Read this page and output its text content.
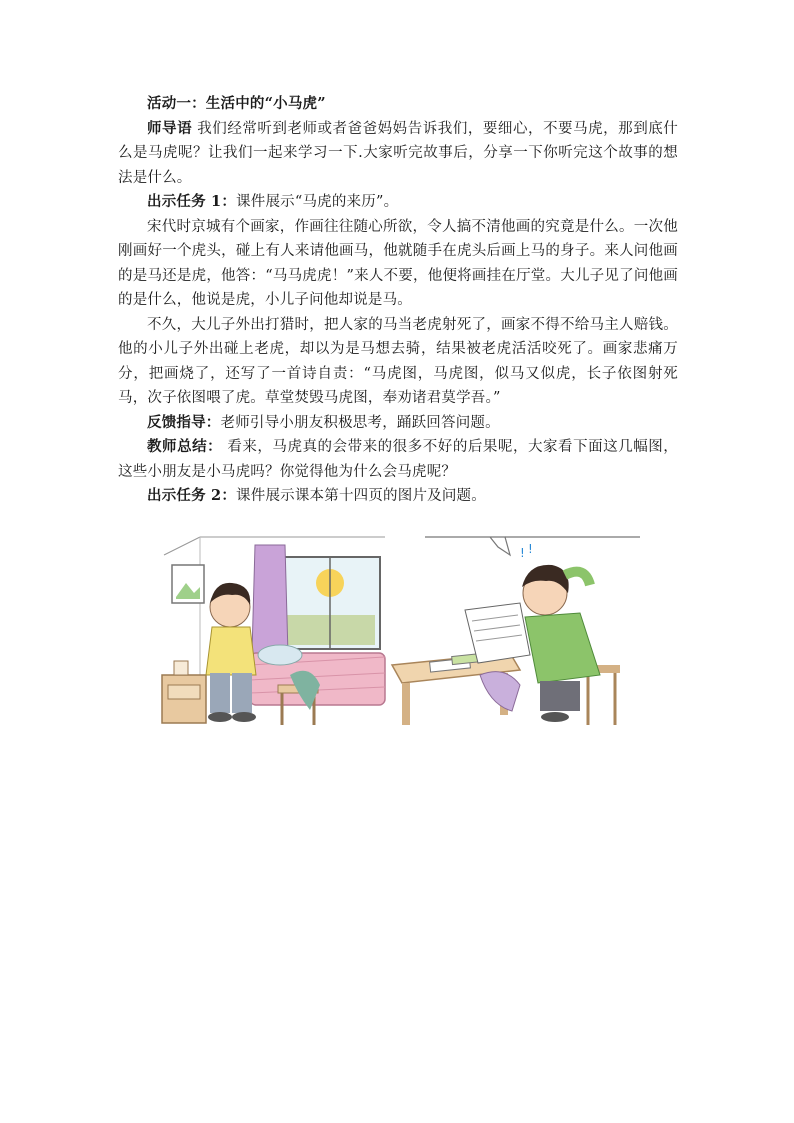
活动一：生活中的“小马虎”

师导语 我们经常听到老师或者爸爸妈妈告诉我们，要细心，不要马虎，那到底什么是马虎呢？让我们一起来学习一下.大家听完故事后，分享一下你听完这个故事的想法是什么。

出示任务 1：课件展示“马虎的来历”。

宋代时京城有个画家，作画往往随心所欲，令人搞不清他画的究竟是什么。一次他刚画好一个虎头，碰上有人来请他画马，他就随手在虎头后画上马的身子。来人问他画的是马还是虎，他答：“马马虎虎！”来人不要，他便将画挂在厅堂。大儿子见了问他画的是什么，他说是虎，小儿子问他却说是马。

不久，大儿子外出打猎时，把人家的马当老虎射死了，画家不得不给马主人赔钱。他的小儿子外出碰上老虎，却以为是马想去骑，结果被老虎活活咬死了。画家悲痛万分，把画烧了，还写了一首诗自责：“马虎图，马虎图，似马又似虎，长子依图射死马，次子依图喂了虎。草堂焚毁马虎图，奉劝诸君莫学吾。”

反馈指导：老师引导小朋友积极思考，踊跃回答问题。

教师总结： 看来，马虎真的会带来的很多不好的后果呢，大家看下面这几幅图，这些小朋友是小马虎吗？你觉得他为什么会马虎呢？

出示任务 2：课件展示课本第十四页的图片及问题。

! !
